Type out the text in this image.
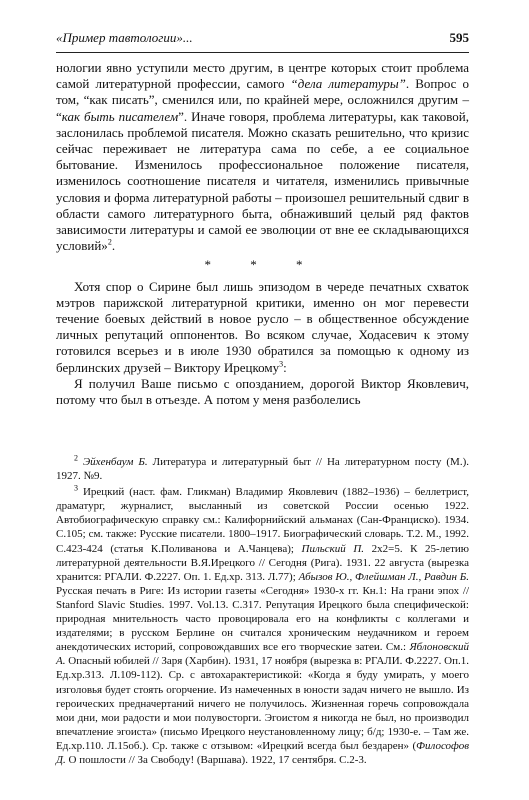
«Пример тавтологии»...	595

нологии явно уступили место другим, в центре которых стоит проблема самой литературной профессии, самого “дела литературы”. Вопрос о том, “как писать”, сменился или, по крайней мере, осложнился другим – “как быть писателем”. Иначе говоря, проблема литературы, как таковой, заслонилась проблемой писателя. Можно сказать решительно, что кризис сейчас переживает не литература сама по себе, а ее социальное бытование. Изменилось профессиональное положение писателя, изменилось соотношение писателя и читателя, изменились привычные условия и форма литературной работы – произошел решительный сдвиг в области самого литературного быта, обнаживший целый ряд фактов зависимости литературы и самой ее эволюции от вне ее складывающихся условий»$^2$.

* * *

Хотя спор о Сирине был лишь эпизодом в череде печатных схваток мэтров парижской литературной критики, именно он мог перевести течение боевых действий в новое русло – в общественное обсуждение личных репутаций оппонентов. Во всяком случае, Ходасевич к этому готовился всерьез и в июле 1930 обратился за помощью к одному из берлинских друзей – Виктору Ирецкому$^3$:

Я получил Ваше письмо с опозданием, дорогой Виктор Яковлевич, потому что был в отъезде. А потом у меня разболелись

$^2$ Эйхенбаум Б. Литература и литературный быт // На литературном посту (М.). 1927. №9.

$^3$ Ирецкий (наст. фам. Гликман) Владимир Яковлевич (1882–1936) – беллетрист, драматург, журналист, высланный из советской России осенью 1922. Автобиографическую справку см.: Калифорнийский альманах (Сан-Франциско). 1934. С.105; см. также: Русские писатели. 1800–1917. Биографический словарь. Т.2. М., 1992. С.423-424 (статья К.Поливанова и А.Чанцева); Пильский П. 2х2=5. К 25-летию литературной деятельности В.Я.Ирецкого // Сегодня (Рига). 1931. 22 августа (вырезка хранится: РГАЛИ. Ф.2227. Оп. 1. Ед.хр. 313. Л.77); Абызов Ю., Флейшман Л., Равдин Б. Русская печать в Риге: Из истории газеты «Сегодня» 1930-х гг. Кн.1: На грани эпох // Stanford Slavic Studies. 1997. Vol.13. С.317. Репутация Ирецкого была специфической: природная мнительность часто провоцировала его на конфликты с коллегами и издателями; в русском Берлине он считался хроническим неудачником и героем анекдотических историй, сопровождавших все его творческие затеи. См.: Яблоновский А. Опасный юбилей // Заря (Харбин). 1931, 17 ноября (вырезка в: РГАЛИ. Ф.2227. Оп.1. Ед.хр.313. Л.109-112). Ср. с автохарактеристикой: «Когда я буду умирать, у моего изголовья будет стоять огорчение. Из намеченных в юности задач ничего не вышло. Из героических предначертаний ничего не получилось. Жизненная горечь сопровождала мои дни, мои радости и мои полувосторги. Эгоистом я никогда не был, но производил впечатление эгоиста» (письмо Ирецкого неустановленному лицу; б/д; 1930-е. – Там же. Ед.хр.110. Л.15об.). Ср. также с отзывом: «Ирецкий всегда был бездарен» (Философов Д. О пошлости // За Свободу! (Варшава). 1922, 17 сентября. С.2-3.
